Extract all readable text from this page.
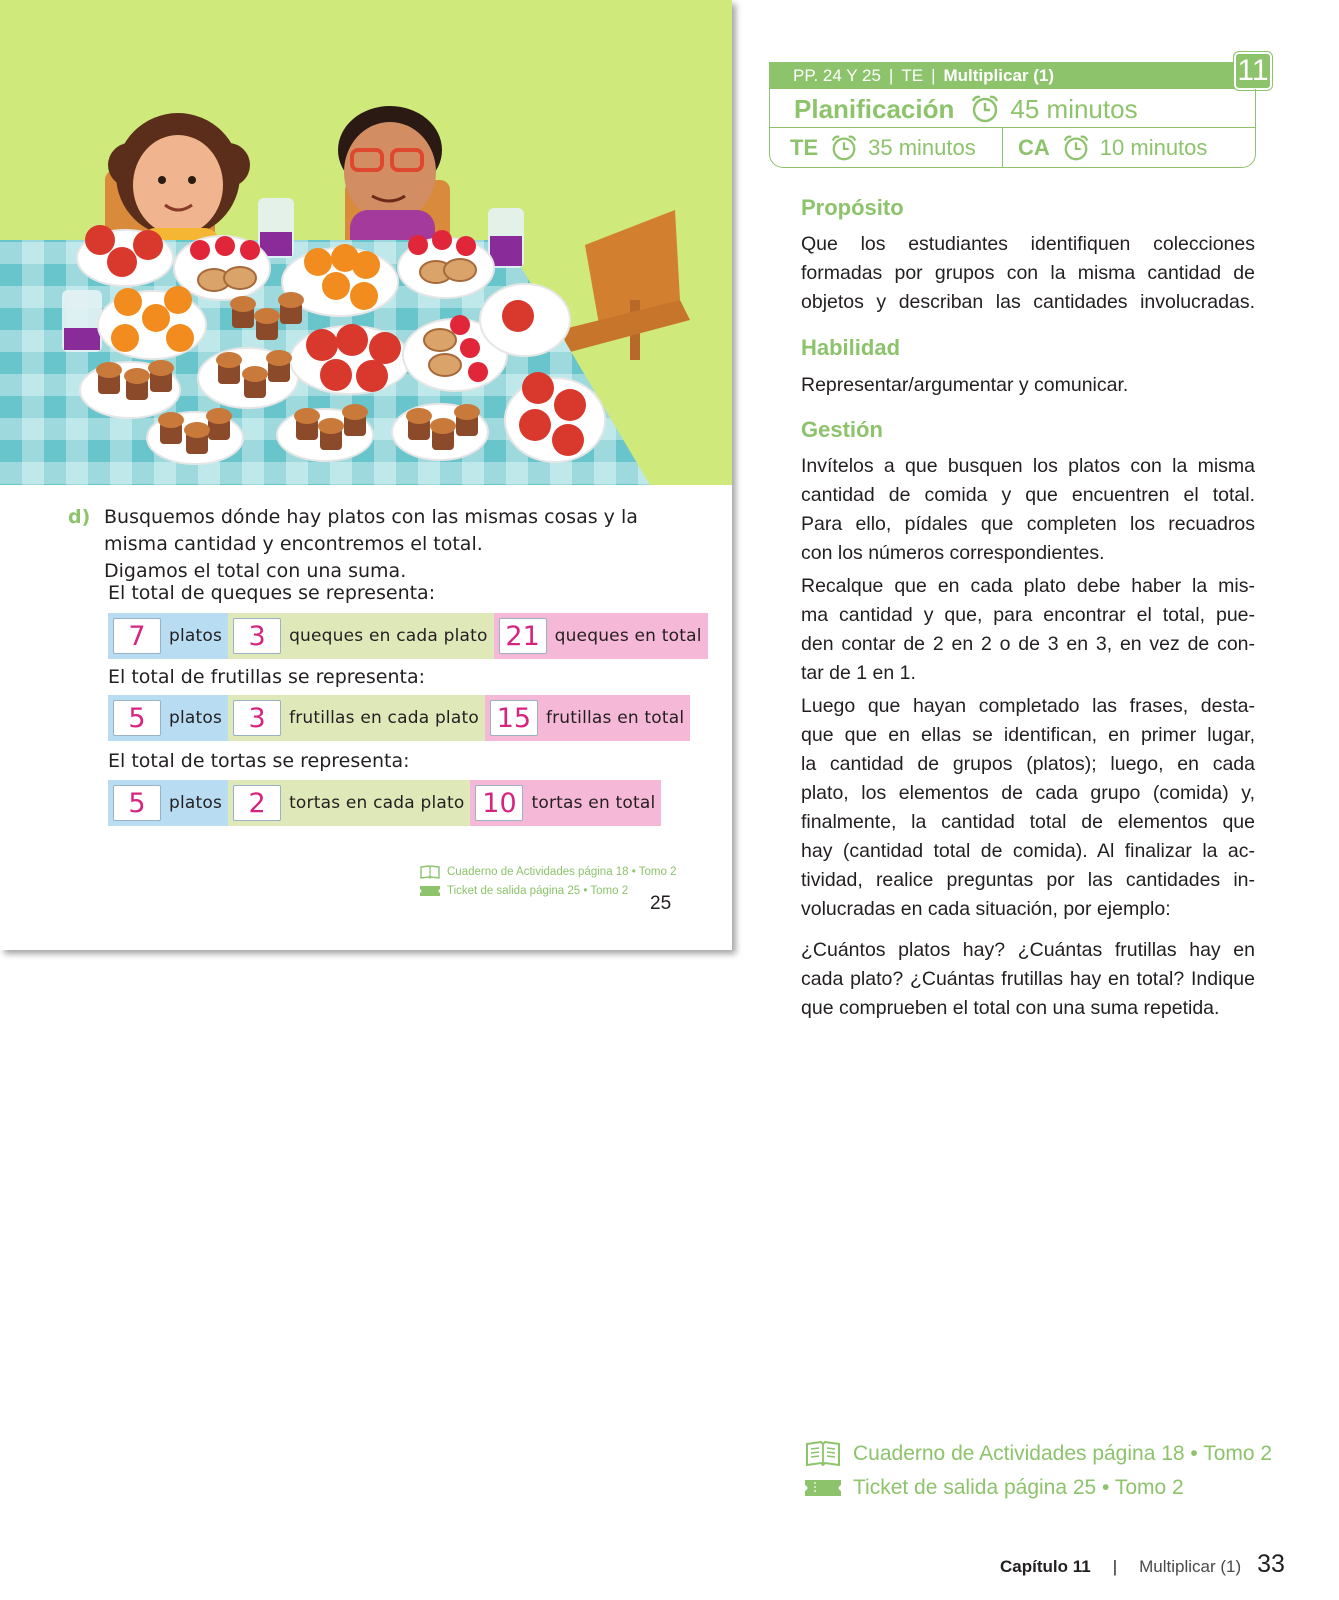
d) Busquemos dónde hay platos con las mismas cosas y la
misma cantidad y encontremos el total.
Digamos el total con una suma.
El total de queques se representa:
7	platos 3	queques en cada plato 21 queques en total
El total de frutillas se representa:
5	platos 3	frutillas en cada plato 15 frutillas en total
El total de tortas se representa:
5	platos 2	tortas en cada plato 10 tortas en total
Cuaderno de Actividades página 18 • Tomo 2
Ticket de salida página 25 • Tomo 2
25
PP. 24 Y 25 | TE | Multiplicar (1)	11
Planificación 45 minutos
TE 35 minutos CA 10 minutos
Propósito
Que los estudiantes identifiquen colecciones
formadas por grupos con la misma cantidad de
objetos y describan las cantidades involucradas.
Habilidad
Representar/argumentar y comunicar.
Gestión
Invítelos a que busquen los platos con la misma
cantidad de comida y que encuentren el total.
Para ello, pídales que completen los recuadros
con los números correspondientes.
Recalque que en cada plato debe haber la mis-
ma cantidad y que, para encontrar el total, pue-
den contar de 2 en 2 o de 3 en 3, en vez de con-
tar de 1 en 1.
Luego que hayan completado las frases, desta-
que que en ellas se identifican, en primer lugar,
la cantidad de grupos (platos); luego, en cada
plato, los elementos de cada grupo (comida) y,
finalmente, la cantidad total de elementos que
hay (cantidad total de comida). Al finalizar la ac-
tividad, realice preguntas por las cantidades in-
volucradas en cada situación, por ejemplo:
¿Cuántos platos hay? ¿Cuántas frutillas hay en
cada plato? ¿Cuántas frutillas hay en total? Indique
que comprueben el total con una suma repetida.
Cuaderno de Actividades página 18 • Tomo 2
Ticket de salida página 25 • Tomo 2
Capítulo 11 | Multiplicar (1) 33
